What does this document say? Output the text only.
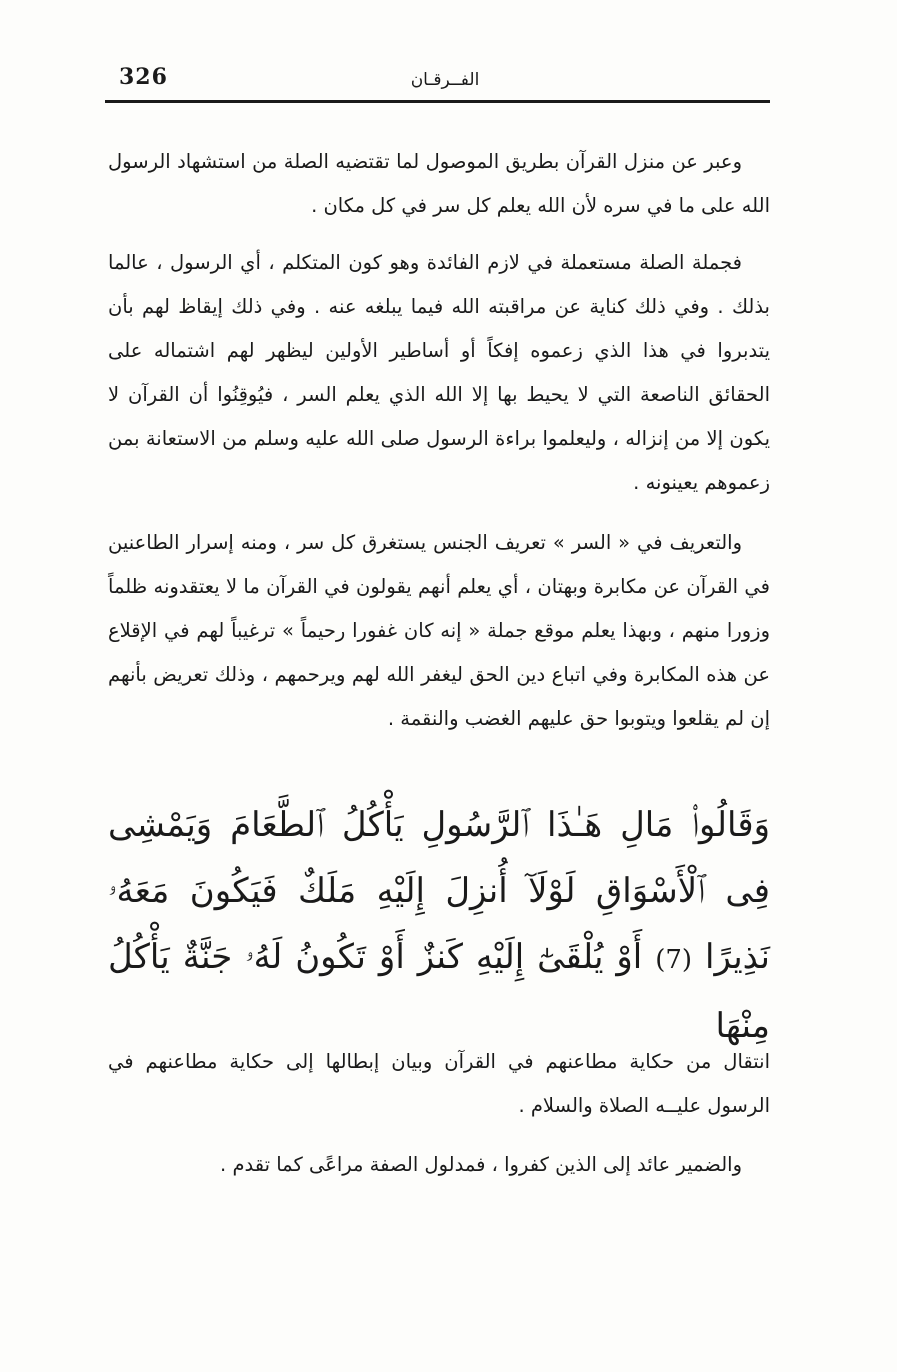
326	الفــرقـان

وعبر عن منزل القرآن بطريق الموصول لما تقتضيه الصلة من استشهاد الرسول الله على ما في سره لأن الله يعلم كل سر في كل مكان .

فجملة الصلة مستعملة في لازم الفائدة وهو كون المتكلم ، أي الرسول ، عالما بذلك . وفي ذلك كناية عن مراقبته الله فيما يبلغه عنه . وفي ذلك إيقاظ لهم بأن يتدبروا في هذا الذي زعموه إفكاً أو أساطير الأولين ليظهر لهم اشتماله على الحقائق الناصعة التي لا يحيط بها إلا الله الذي يعلم السر ، فيُوقِنُوا أن القرآن لا يكون إلا من إنزاله ، وليعلموا براءة الرسول صلى الله عليه وسلم من الاستعانة بمن زعموهم يعينونه .

والتعريف في « السر » تعريف الجنس يستغرق كل سر ، ومنه إسرار الطاعنين في القرآن عن مكابرة وبهتان ، أي يعلم أنهم يقولون في القرآن ما لا يعتقدونه ظلماً وزورا منهم ، وبهذا يعلم موقع جملة « إنه كان غفورا رحيماً » ترغيباً لهم في الإقلاع عن هذه المكابرة وفي اتباع دين الحق ليغفر الله لهم ويرحمهم ، وذلك تعريض بأنهم إن لم يقلعوا ويتوبوا حق عليهم الغضب والنقمة .

وَقَالُوا۟ مَالِ هَـٰذَا ٱلرَّسُولِ يَأْكُلُ ٱلطَّعَامَ وَيَمْشِى فِى ٱلْأَسْوَاقِ لَوْلَآ أُنزِلَ إِلَيْهِ مَلَكٌ فَيَكُونَ مَعَهُۥ نَذِيرًا (7) أَوْ يُلْقَىٰٓ إِلَيْهِ كَنزٌ أَوْ تَكُونُ لَهُۥ جَنَّةٌ يَأْكُلُ مِنْهَا

انتقال من حكاية مطاعنهم في القرآن وبيان إبطالها إلى حكاية مطاعنهم في الرسول عليــه الصلاة والسلام .

والضمير عائد إلى الذين كفروا ، فمدلول الصفة مراعًى كما تقدم .
